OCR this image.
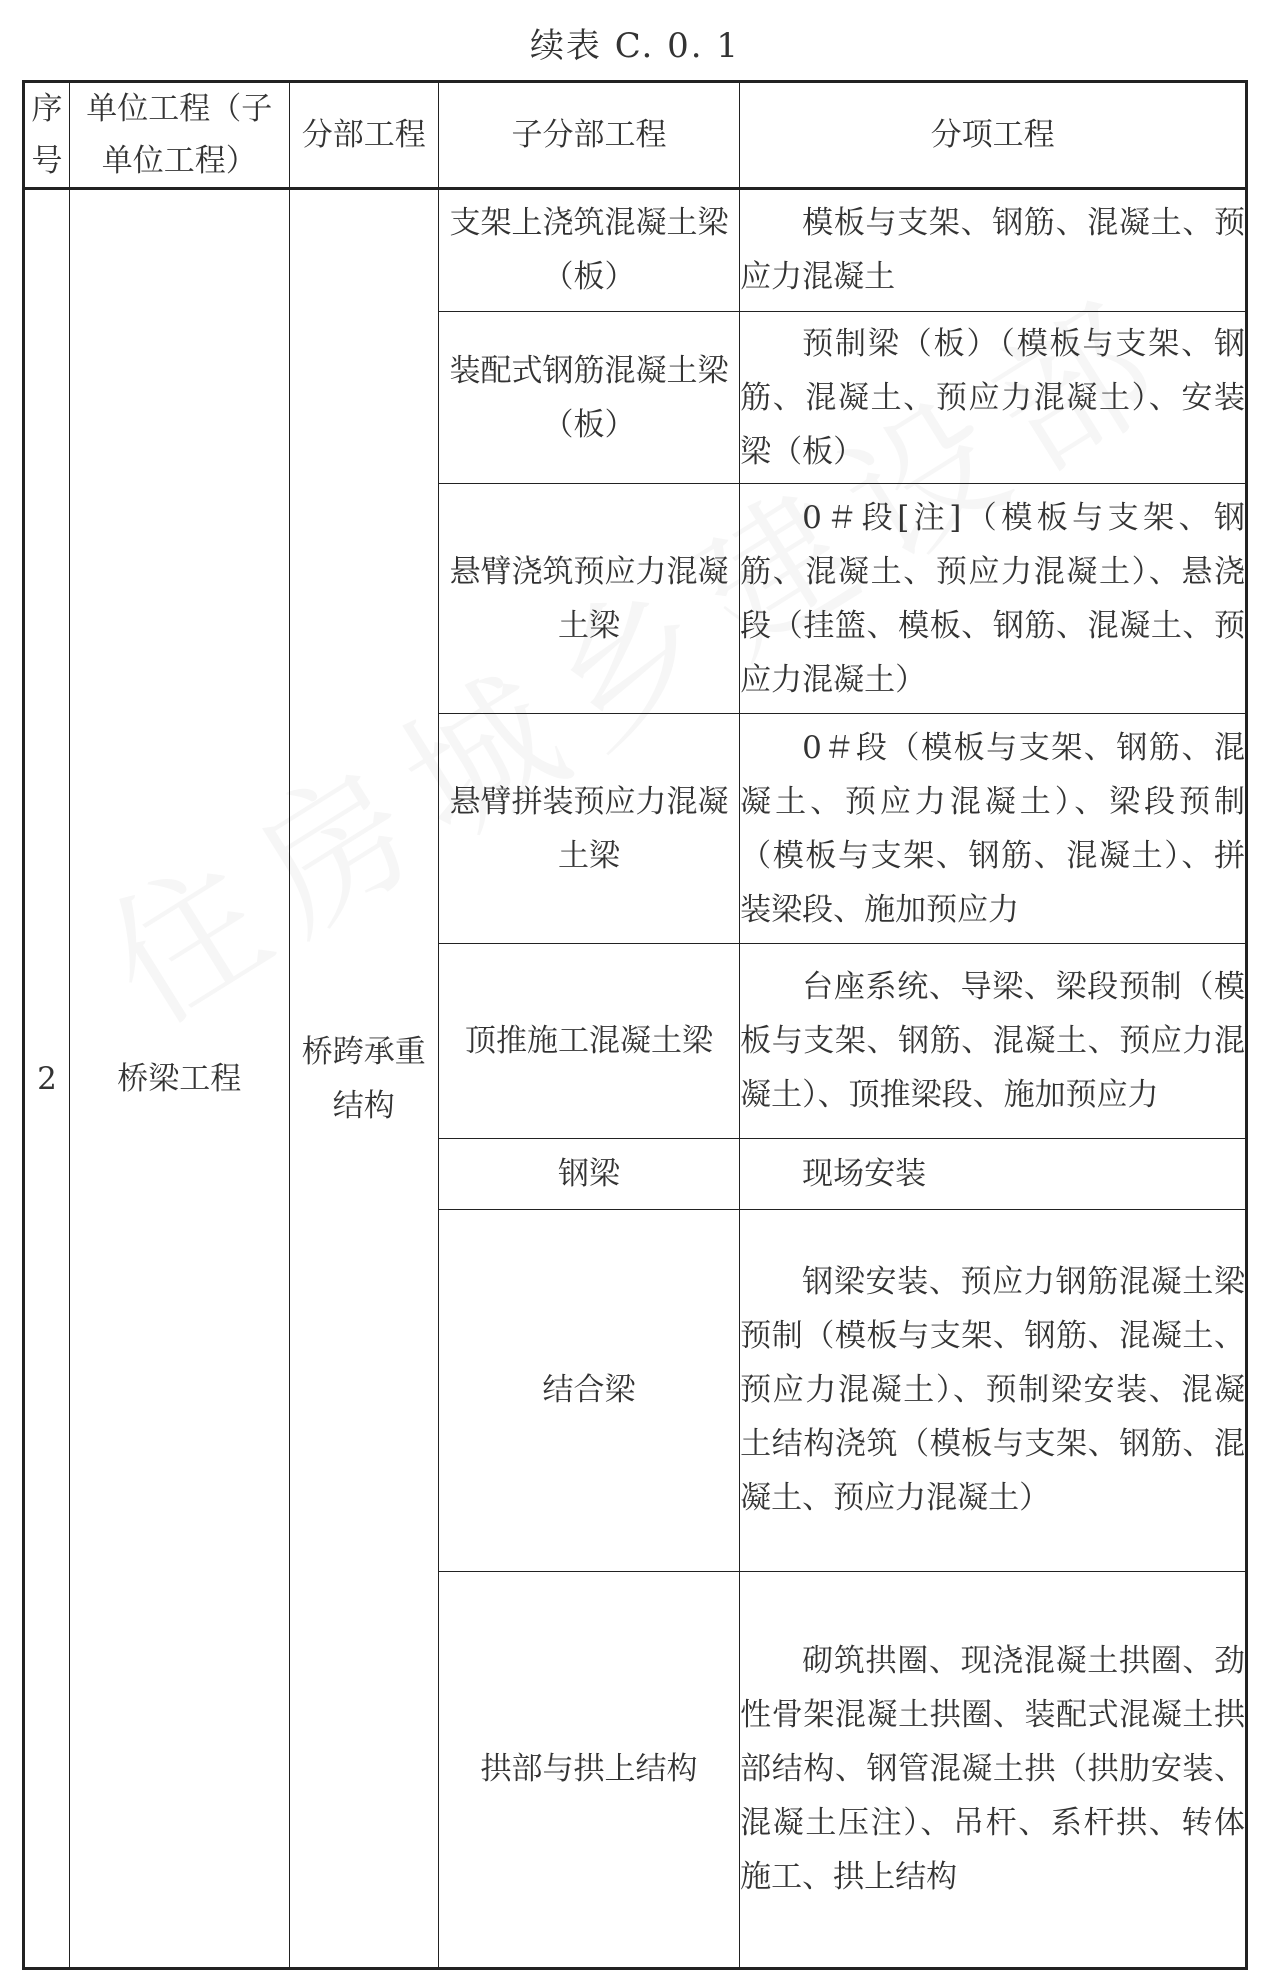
续表 C. 0. 1
序号	单位工程（子单位工程）	分部工程	子分部工程	分项工程
2	桥梁工程	桥跨承重结构	支架上浇筑混凝土梁（板）	模板与支架、钢筋、混凝土、预应力混凝土
			装配式钢筋混凝土梁（板）	预制梁（板）（模板与支架、钢筋、混凝土、预应力混凝土）、安装梁（板）
			悬臂浇筑预应力混凝土梁	0＃段[注]（模板与支架、钢筋、混凝土、预应力混凝土）、悬浇段（挂篮、模板、钢筋、混凝土、预应力混凝土）
			悬臂拼装预应力混凝土梁	0＃段（模板与支架、钢筋、混凝土、预应力混凝土）、梁段预制（模板与支架、钢筋、混凝土）、拼装梁段、施加预应力
			顶推施工混凝土梁	台座系统、导梁、梁段预制（模板与支架、钢筋、混凝土、预应力混凝土）、顶推梁段、施加预应力
			钢梁	现场安装
			结合梁	钢梁安装、预应力钢筋混凝土梁预制（模板与支架、钢筋、混凝土、预应力混凝土）、预制梁安装、混凝土结构浇筑（模板与支架、钢筋、混凝土、预应力混凝土）
			拱部与拱上结构	砌筑拱圈、现浇混凝土拱圈、劲性骨架混凝土拱圈、装配式混凝土拱部结构、钢管混凝土拱（拱肋安装、混凝土压注）、吊杆、系杆拱、转体施工、拱上结构
